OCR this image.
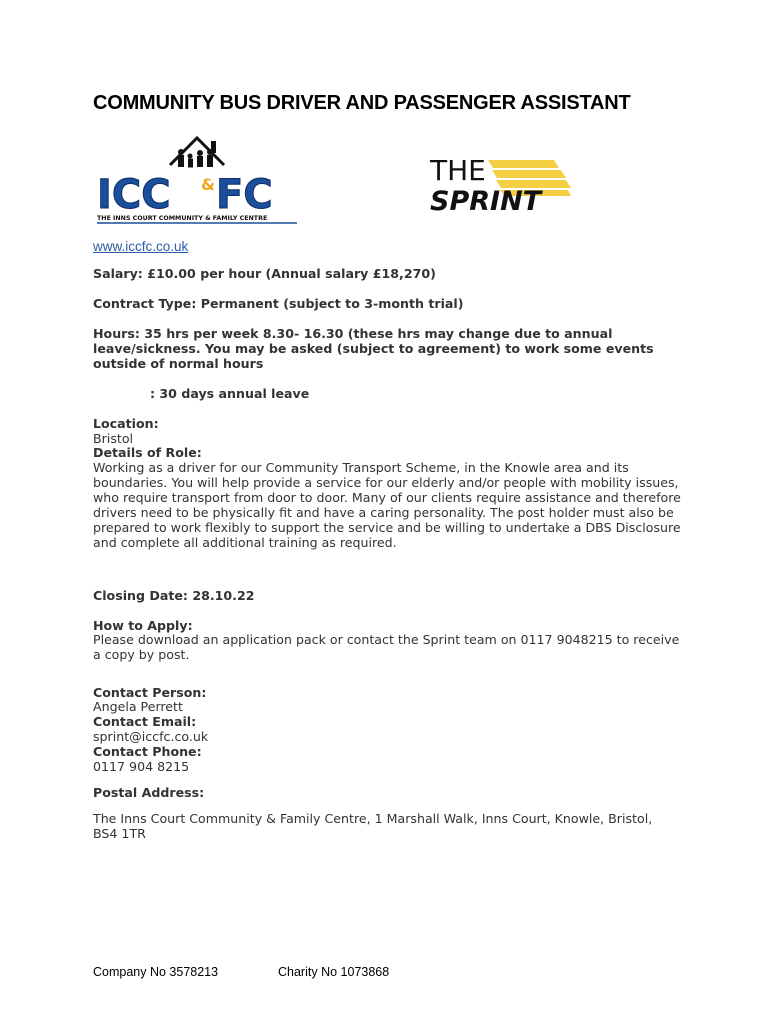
COMMUNITY BUS DRIVER AND PASSENGER ASSISTANT
ICC & FC
THE INNS COURT COMMUNITY & FAMILY CENTRE
THE
SPRINT
www.iccfc.co.uk
Salary: £10.00 per hour (Annual salary £18,270)
Contract Type: Permanent (subject to 3-month trial)
Hours: 35 hrs per week 8.30- 16.30 (these hrs may change due to annual leave/sickness. You may be asked (subject to agreement) to work some events outside of normal hours
: 30 days annual leave
Location:
Bristol
Details of Role:
Working as a driver for our Community Transport Scheme, in the Knowle area and its boundaries. You will help provide a service for our elderly and/or people with mobility issues, who require transport from door to door. Many of our clients require assistance and therefore drivers need to be physically fit and have a caring personality. The post holder must also be prepared to work flexibly to support the service and be willing to undertake a DBS Disclosure and complete all additional training as required.
Closing Date: 28.10.22
How to Apply:
Please download an application pack or contact the Sprint team on 0117 9048215 to receive a copy by post.
Contact Person:
Angela Perrett
Contact Email:
sprint@iccfc.co.uk
Contact Phone:
0117 904 8215
Postal Address:
The Inns Court Community & Family Centre, 1 Marshall Walk, Inns Court, Knowle, Bristol, BS4 1TR
Company No 3578213	Charity No 1073868
